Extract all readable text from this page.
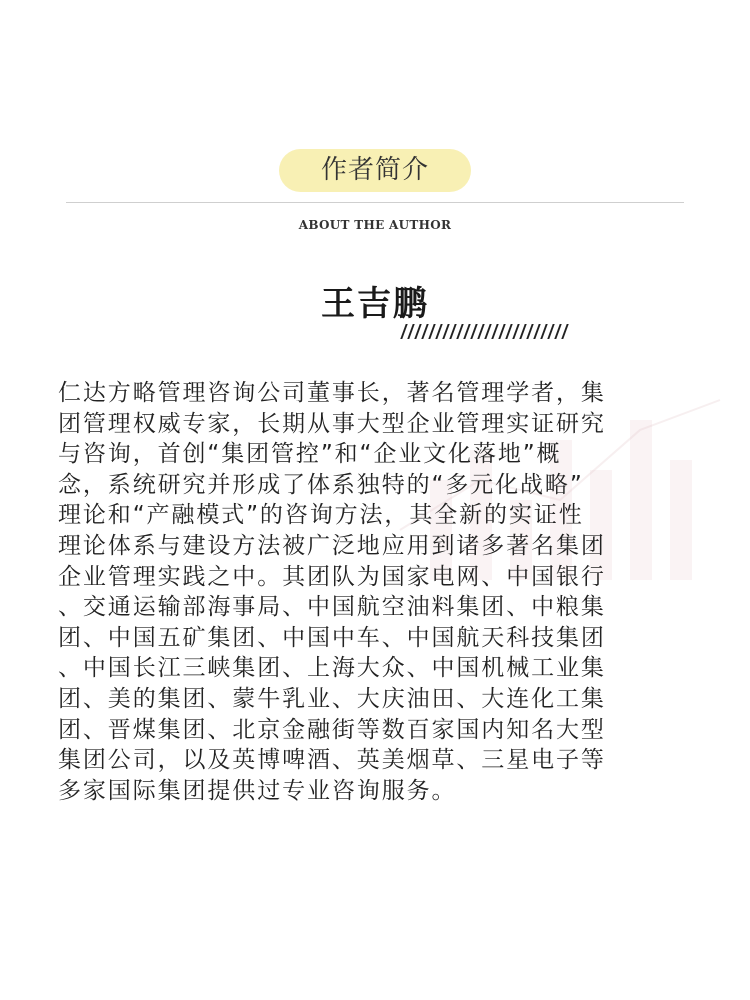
作者简介
ABOUT THE AUTHOR
王吉鹏
仁达方略管理咨询公司董事长，著名管理学者，集
团管理权威专家，长期从事大型企业管理实证研究
与咨询，首创“集团管控”和“企业文化落地”概
念，系统研究并形成了体系独特的“多元化战略”
理论和“产融模式”的咨询方法，其全新的实证性
理论体系与建设方法被广泛地应用到诸多著名集团
企业管理实践之中。其团队为国家电网、中国银行
、交通运输部海事局、中国航空油料集团、中粮集
团、中国五矿集团、中国中车、中国航天科技集团
、中国长江三峡集团、上海大众、中国机械工业集
团、美的集团、蒙牛乳业、大庆油田、大连化工集
团、晋煤集团、北京金融街等数百家国内知名大型
集团公司，以及英博啤酒、英美烟草、三星电子等
多家国际集团提供过专业咨询服务。
